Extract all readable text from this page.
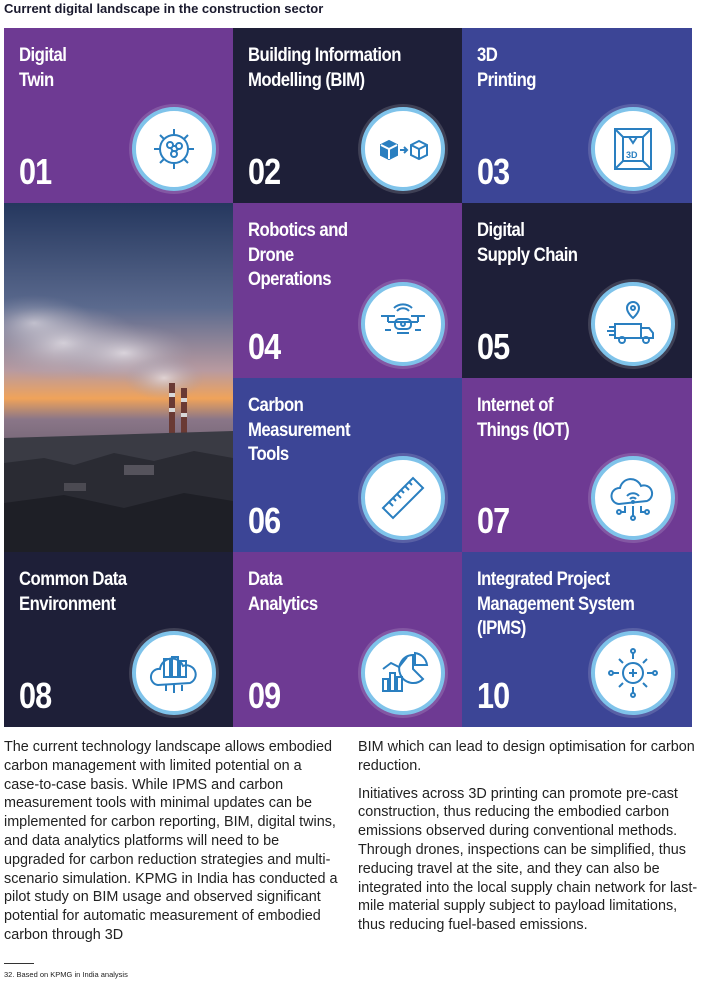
Current digital landscape in the construction sector
Digital
Twin
01
Building Information
Modelling (BIM)
02
3D
Printing
03	3D
Robotics and
Drone
Operations
04
Digital
Supply Chain
05
Carbon
Measurement
Tools
06
Internet of
Things (IOT)
07
Common Data
Environment
08
Data
Analytics
09
Integrated Project
Management System
(IPMS)
10
The current technology landscape allows embodied carbon management with limited potential on a case-to-case basis. While IPMS and carbon measurement tools with minimal updates can be implemented for carbon reporting, BIM, digital twins, and data analytics platforms will need to be upgraded for carbon reduction strategies and multi-scenario simulation. KPMG in India has conducted a pilot study on BIM usage and observed significant potential for automatic measurement of embodied carbon through 3D

BIM which can lead to design optimisation for carbon reduction.

Initiatives across 3D printing can promote pre-cast construction, thus reducing the embodied carbon emissions observed during conventional methods. Through drones, inspections can be simplified, thus reducing travel at the site, and they can also be integrated into the local supply chain network for last-mile material supply subject to payload limitations, thus reducing fuel-based emissions.

32. Based on KPMG in India analysis
